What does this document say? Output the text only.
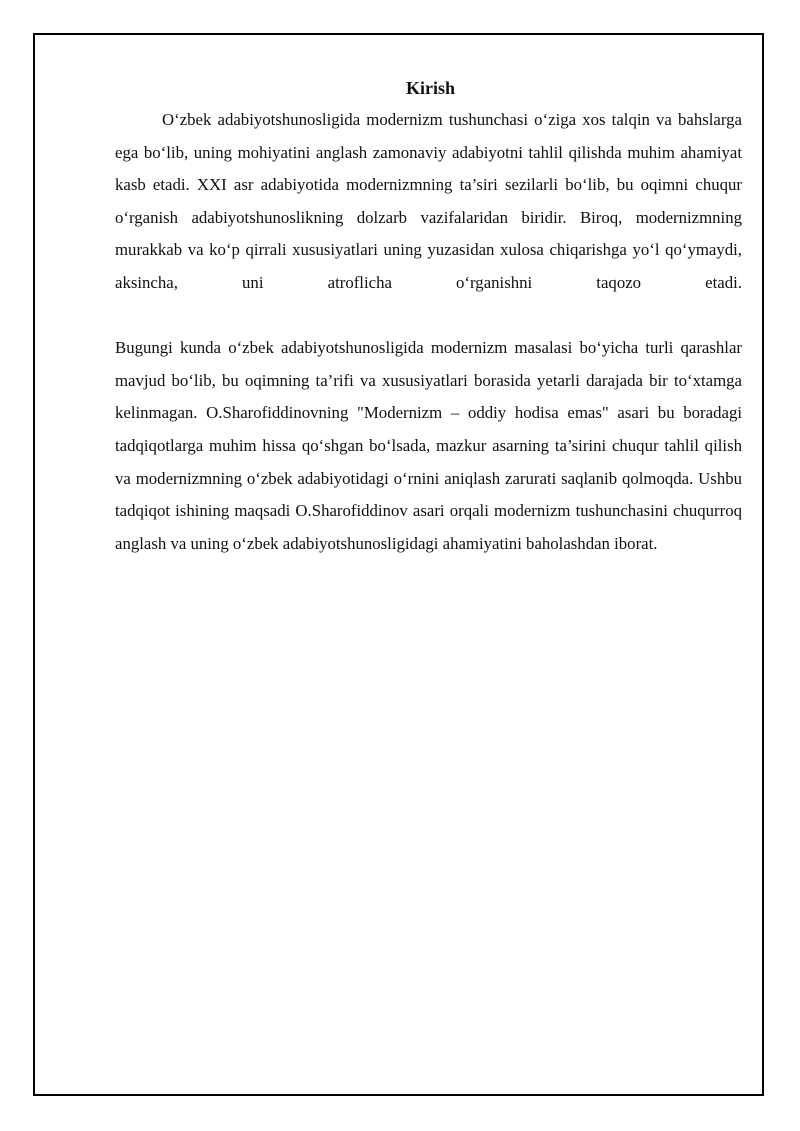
Kirish

O‘zbek adabiyotshunosligida modernizm tushunchasi o‘ziga xos talqin va bahslarga ega bo‘lib, uning mohiyatini anglash zamonaviy adabiyotni tahlil qilishda muhim ahamiyat kasb etadi. XXI asr adabiyotida modernizmning ta’siri sezilarli bo‘lib, bu oqimni chuqur o‘rganish adabiyotshunoslikning dolzarb vazifalaridan biridir. Biroq, modernizmning murakkab va ko‘p qirrali xususiyatlari uning yuzasidan xulosa chiqarishga yo‘l qo‘ymaydi, aksincha, uni atroflicha o‘rganishni taqozo etadi.

Bugungi kunda o‘zbek adabiyotshunosligida modernizm masalasi bo‘yicha turli qarashlar mavjud bo‘lib, bu oqimning ta’rifi va xususiyatlari borasida yetarli darajada bir to‘xtamga kelinmagan. O.Sharofiddinovning "Modernizm – oddiy hodisa emas" asari bu boradagi tadqiqotlarga muhim hissa qo‘shgan bo‘lsada, mazkur asarning ta’sirini chuqur tahlil qilish va modernizmning o‘zbek adabiyotidagi o‘rnini aniqlash zarurati saqlanib qolmoqda. Ushbu tadqiqot ishining maqsadi O.Sharofiddinov asari orqali modernizm tushunchasini chuqurroq anglash va uning o‘zbek adabiyotshunosligidagi ahamiyatini baholashdan iborat.
